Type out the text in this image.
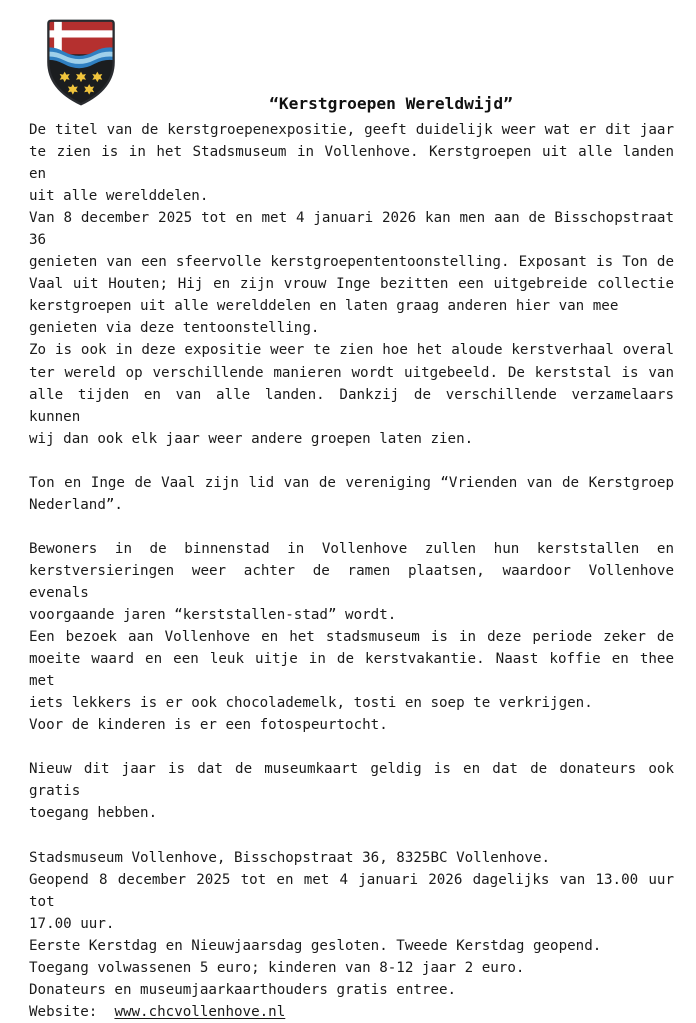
“Kerstgroepen Wereldwijd”
De titel van de kerstgroepenexpositie, geeft duidelijk weer wat er dit jaar
te zien is in het Stadsmuseum in Vollenhove. Kerstgroepen uit alle landen en
uit alle werelddelen.
Van 8 december 2025 tot en met 4 januari 2026 kan men aan de Bisschopstraat 36
genieten van een sfeervolle kerstgroepententoonstelling. Exposant is Ton de
Vaal uit Houten; Hij en zijn vrouw Inge bezitten een uitgebreide collectie
kerstgroepen uit alle werelddelen en laten graag anderen hier van mee
genieten via deze tentoonstelling.
Zo is ook in deze expositie weer te zien hoe het aloude kerstverhaal overal
ter wereld op verschillende manieren wordt uitgebeeld. De kerststal is van
alle tijden en van alle landen. Dankzij de verschillende verzamelaars kunnen
wij dan ook elk jaar weer andere groepen laten zien.
Ton en Inge de Vaal zijn lid van de vereniging “Vrienden van de Kerstgroep
Nederland”.
Bewoners in de binnenstad in Vollenhove zullen hun kerststallen en
kerstversieringen weer achter de ramen plaatsen, waardoor Vollenhove evenals
voorgaande jaren “kerststallen-stad” wordt.
Een bezoek aan Vollenhove en het stadsmuseum is in deze periode zeker de
moeite waard en een leuk uitje in de kerstvakantie. Naast koffie en thee met
iets lekkers is er ook chocolademelk, tosti en soep te verkrijgen.
Voor de kinderen is er een fotospeurtocht.
Nieuw dit jaar is dat de museumkaart geldig is en dat de donateurs ook gratis
toegang hebben.
Stadsmuseum Vollenhove, Bisschopstraat 36, 8325BC Vollenhove.
Geopend 8 december 2025 tot en met 4 januari 2026 dagelijks van 13.00 uur tot
17.00 uur.
Eerste Kerstdag en Nieuwjaarsdag gesloten. Tweede Kerstdag geopend.
Toegang volwassenen 5 euro; kinderen van 8-12 jaar 2 euro.
Donateurs en museumjaarkaarthouders gratis entree.
Website: www.chcvollenhove.nl
